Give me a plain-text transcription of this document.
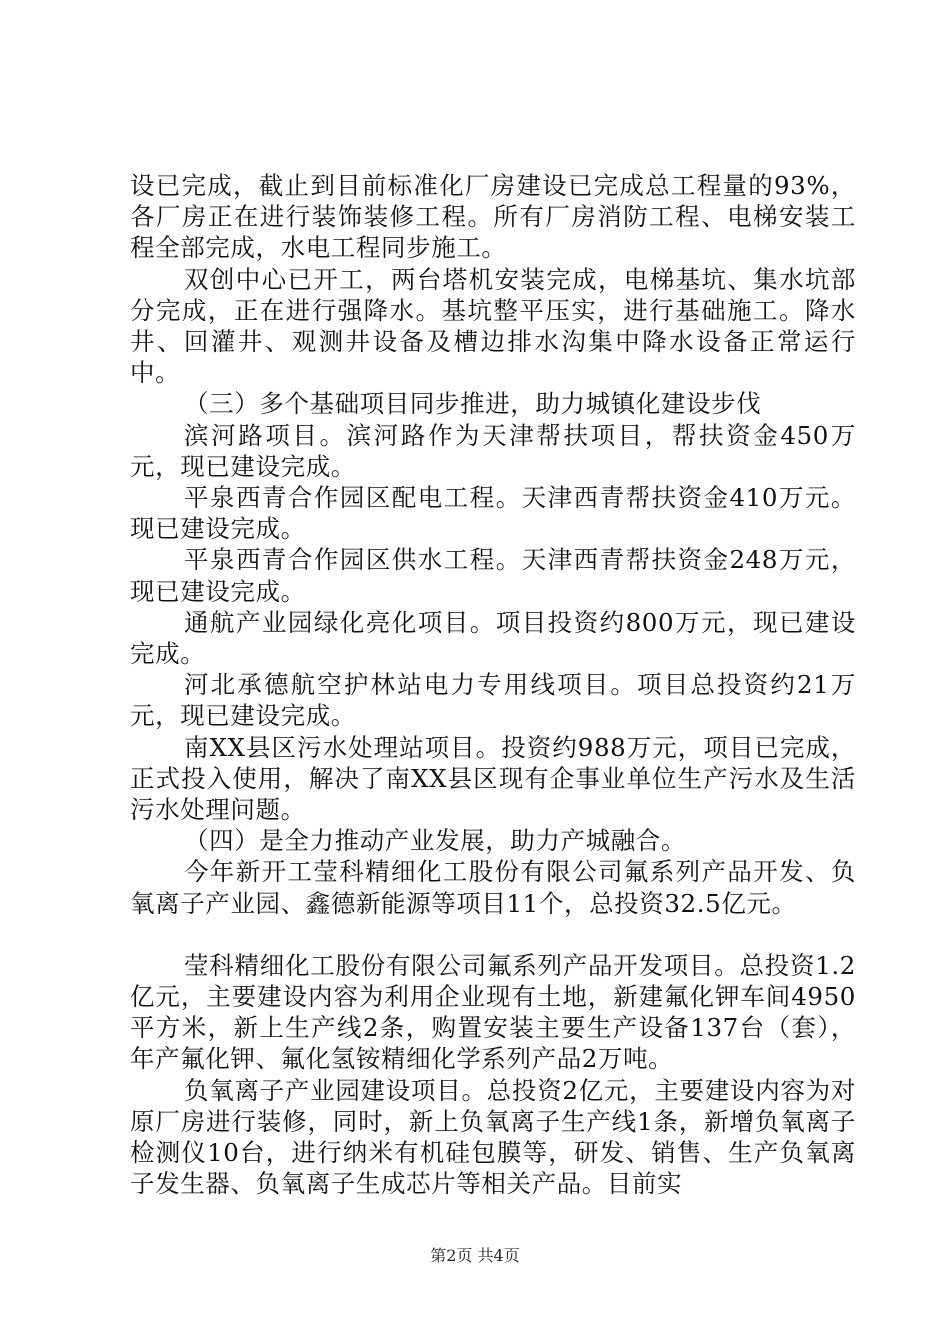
设已完成，截止到目前标准化厂房建设已完成总工程量的93%，各厂房正在进行装饰装修工程。所有厂房消防工程、电梯安装工程全部完成，水电工程同步施工。

双创中心已开工，两台塔机安装完成，电梯基坑、集水坑部分完成，正在进行强降水。基坑整平压实，进行基础施工。降水井、回灌井、观测井设备及槽边排水沟集中降水设备正常运行中。

（三）多个基础项目同步推进，助力城镇化建设步伐

滨河路项目。滨河路作为天津帮扶项目，帮扶资金450万元，现已建设完成。

平泉西青合作园区配电工程。天津西青帮扶资金410万元。现已建设完成。

平泉西青合作园区供水工程。天津西青帮扶资金248万元，现已建设完成。

通航产业园绿化亮化项目。项目投资约800万元，现已建设完成。

河北承德航空护林站电力专用线项目。项目总投资约21万元，现已建设完成。

南XX县区污水处理站项目。投资约988万元，项目已完成，正式投入使用，解决了南XX县区现有企事业单位生产污水及生活污水处理问题。

（四）是全力推动产业发展，助力产城融合。

今年新开工莹科精细化工股份有限公司氟系列产品开发、负氧离子产业园、鑫德新能源等项目11个，总投资32.5亿元。

莹科精细化工股份有限公司氟系列产品开发项目。总投资1.2亿元，主要建设内容为利用企业现有土地，新建氟化钾车间4950平方米，新上生产线2条，购置安装主要生产设备137台（套），年产氟化钾、氟化氢铵精细化学系列产品2万吨。

负氧离子产业园建设项目。总投资2亿元，主要建设内容为对原厂房进行装修，同时，新上负氧离子生产线1条，新增负氧离子检测仪10台，进行纳米有机硅包膜等，研发、销售、生产负氧离子发生器、负氧离子生成芯片等相关产品。目前实

第2页 共4页
